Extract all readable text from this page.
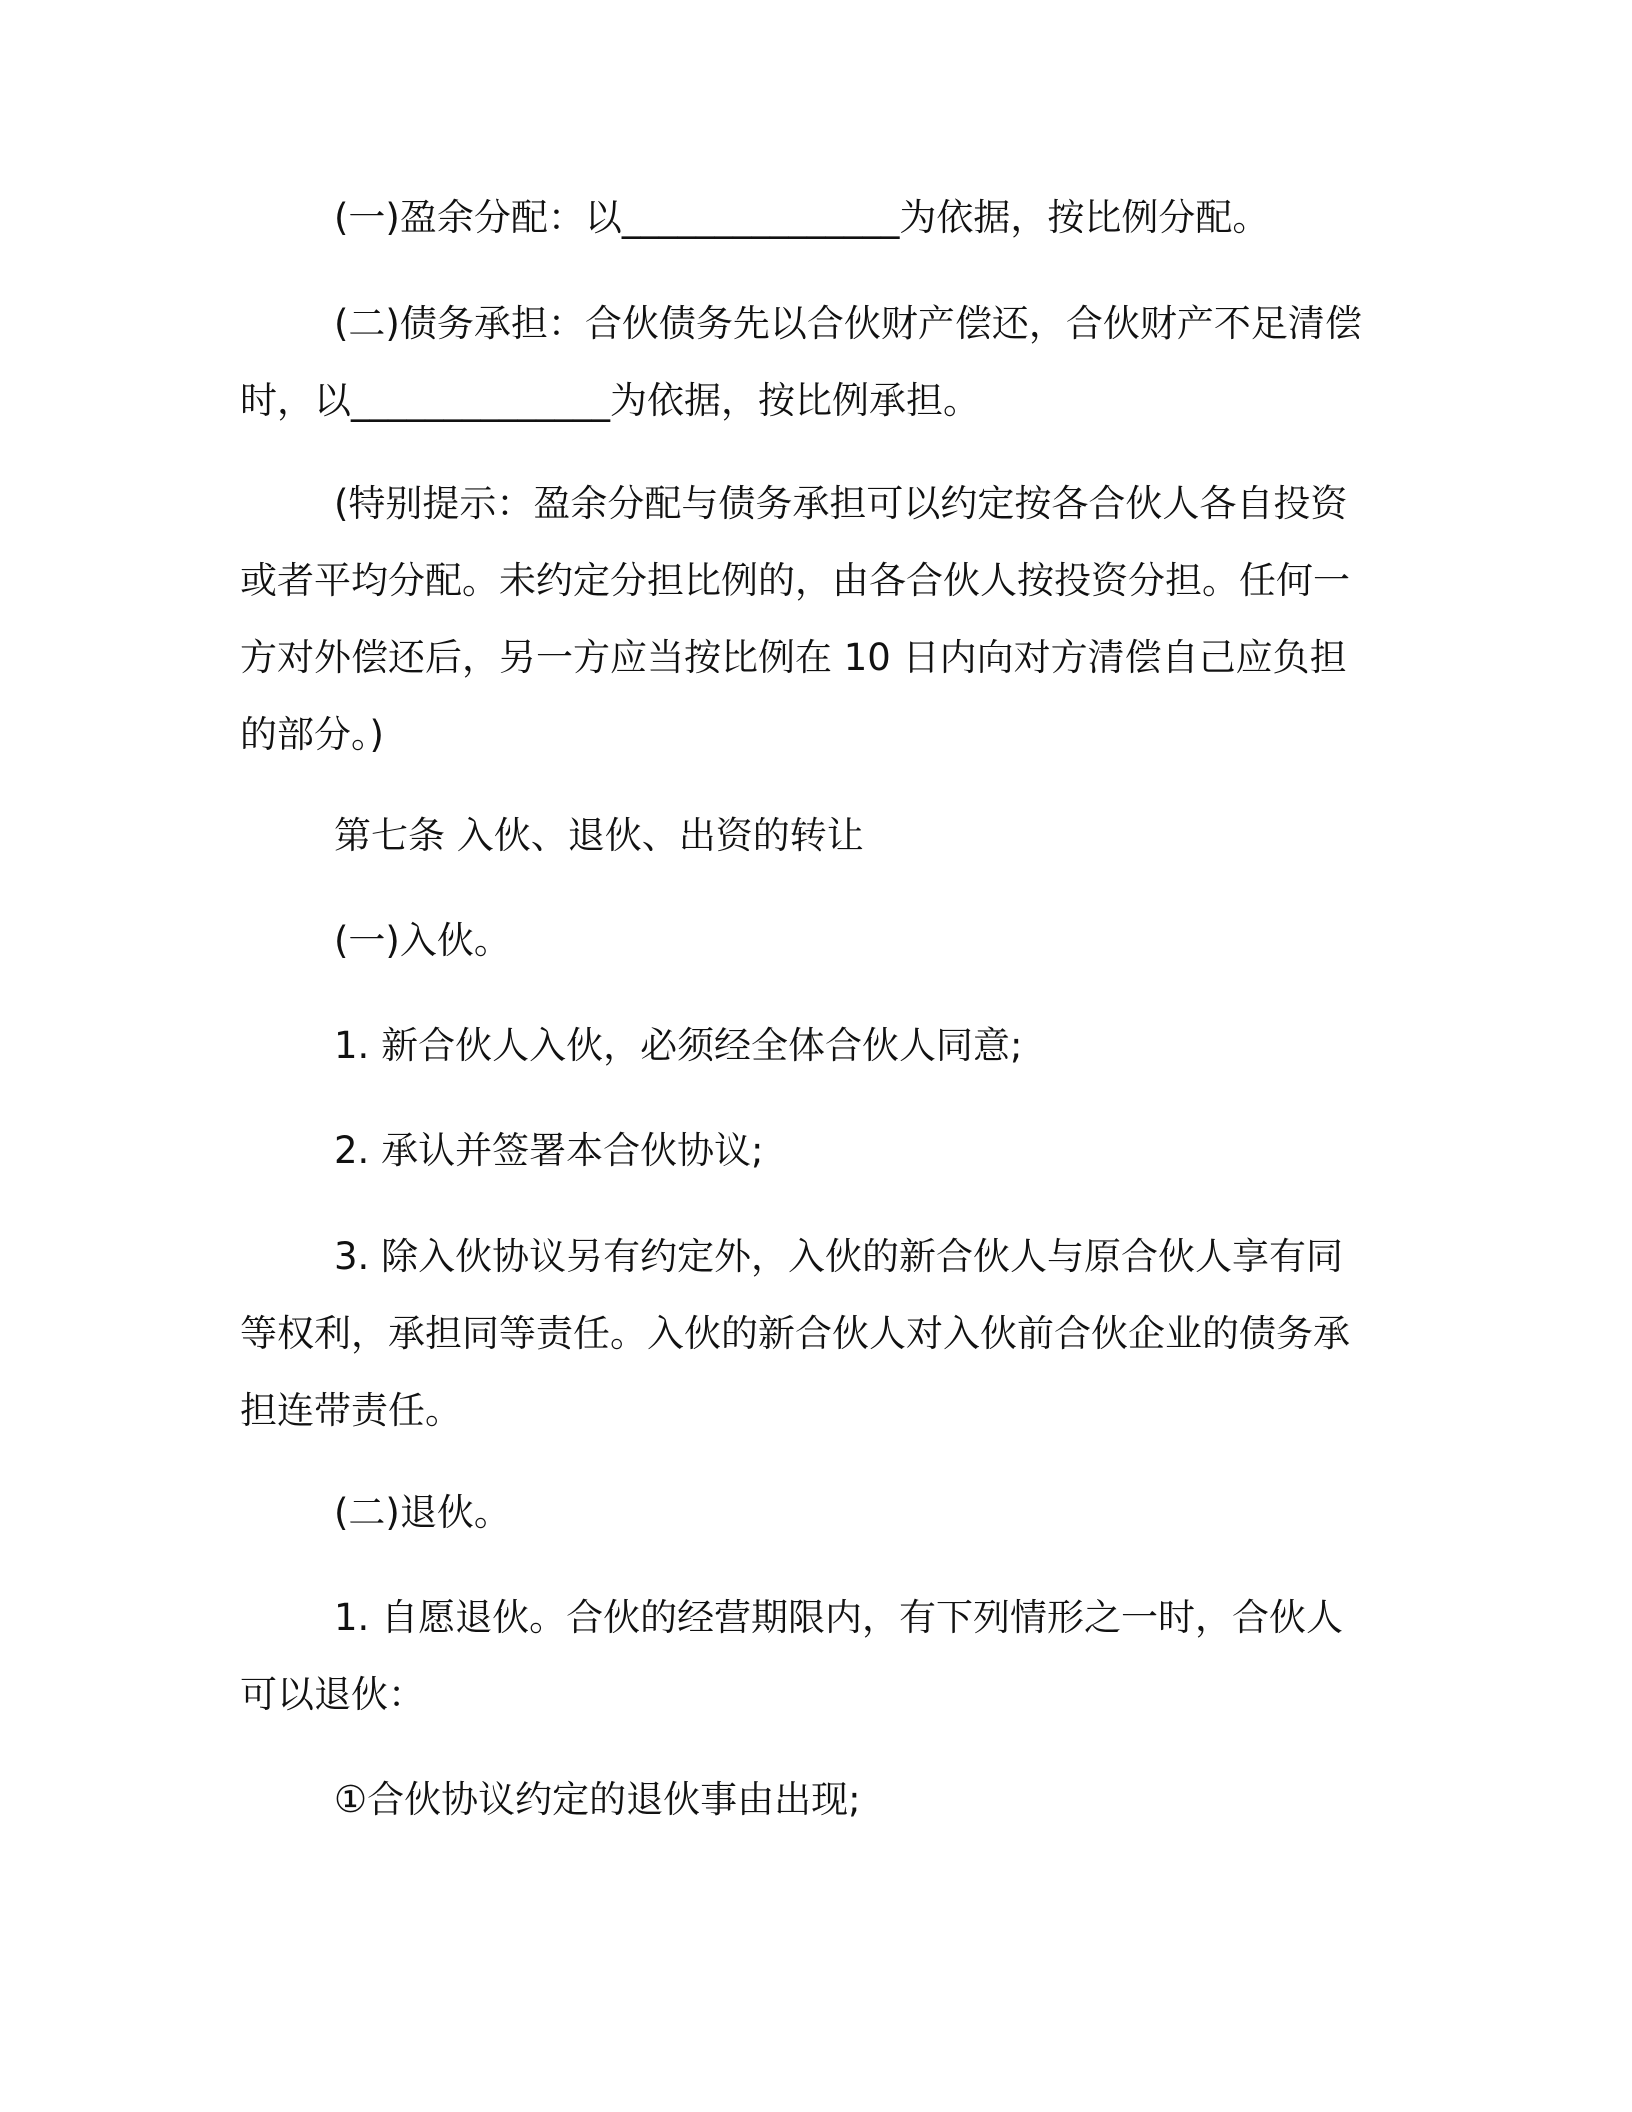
(一)盈余分配：以_______________为依据，按比例分配。

(二)债务承担：合伙债务先以合伙财产偿还，合伙财产不足清偿时，以______________为依据，按比例承担。

(特别提示：盈余分配与债务承担可以约定按各合伙人各自投资或者平均分配。未约定分担比例的，由各合伙人按投资分担。任何一方对外偿还后，另一方应当按比例在 10 日内向对方清偿自己应负担的部分。)

第七条 入伙、退伙、出资的转让

(一)入伙。

1. 新合伙人入伙，必须经全体合伙人同意;

2. 承认并签署本合伙协议;

3. 除入伙协议另有约定外，入伙的新合伙人与原合伙人享有同等权利，承担同等责任。入伙的新合伙人对入伙前合伙企业的债务承担连带责任。

(二)退伙。

1. 自愿退伙。合伙的经营期限内，有下列情形之一时，合伙人可以退伙：

①合伙协议约定的退伙事由出现;
